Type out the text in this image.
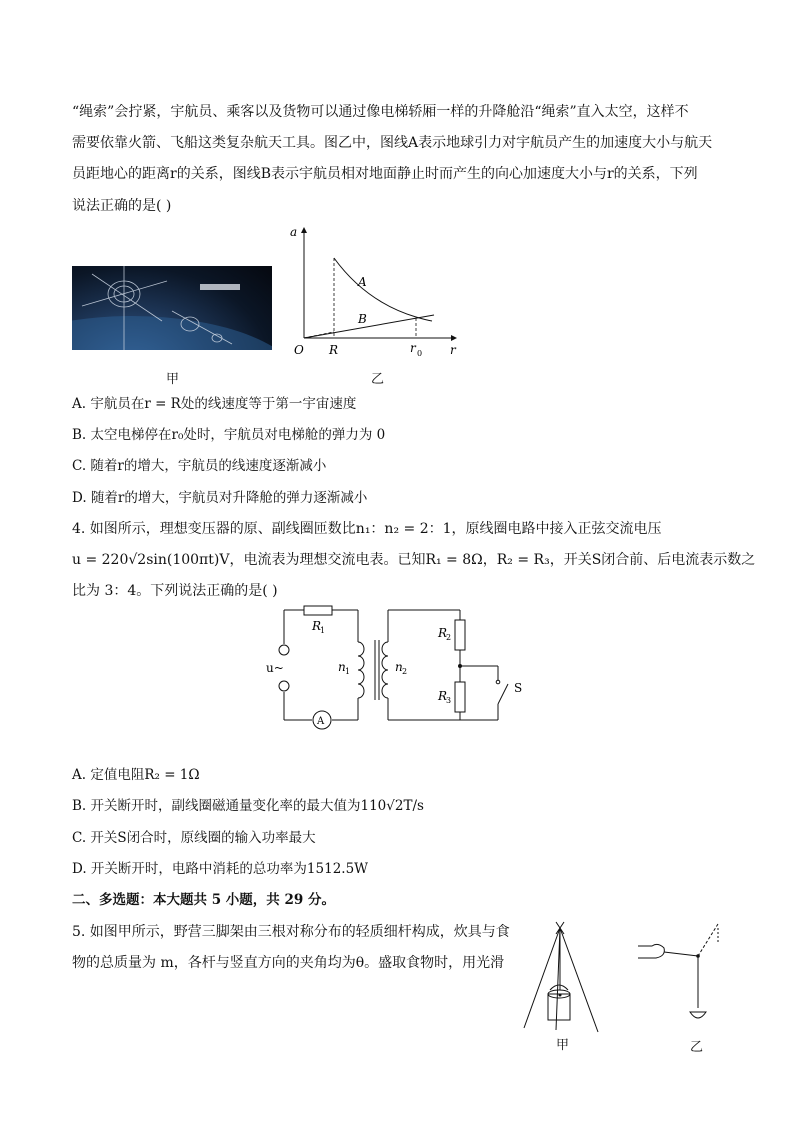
“绳索”会拧紧，宇航员、乘客以及货物可以通过像电梯轿厢一样的升降舱沿“绳索”直入太空，这样不
需要依靠火箭、飞船这类复杂航天工具。图乙中，图线A表示地球引力对宇航员产生的加速度大小与航天
员距地心的距离r的关系，图线B表示宇航员相对地面静止时而产生的向心加速度大小与r的关系，下列
说法正确的是( )
甲
a
r
O R	r 0
A
B
乙
A. 宇航员在r = R处的线速度等于第一宇宙速度
B. 太空电梯停在r₀处时，宇航员对电梯舱的弹力为 0
C. 随着r的增大，宇航员的线速度逐渐减小
D. 随着r的增大，宇航员对升降舱的弹力逐渐减小
4. 如图所示，理想变压器的原、副线圈匝数比n₁：n₂ = 2：1，原线圈电路中接入正弦交流电压
u = 220√2sin(100πt)V，电流表为理想交流电表。已知R₁ = 8Ω，R₂ = R₃，开关S闭合前、后电流表示数之
比为 3：4。下列说法正确的是( )
R
1	R
2
R
3
n 1	n 2
u~
S
A
A. 定值电阻R₂ = 1Ω
B. 开关断开时，副线圈磁通量变化率的最大值为110√2T/s
C. 开关S闭合时，原线圈的输入功率最大
D. 开关断开时，电路中消耗的总功率为1512.5W
二、多选题：本大题共 5 小题，共 29 分。
5. 如图甲所示，野营三脚架由三根对称分布的轻质细杆构成，炊具与食
物的总质量为 m，各杆与竖直方向的夹角均为θ。盛取食物时，用光滑
甲	乙
